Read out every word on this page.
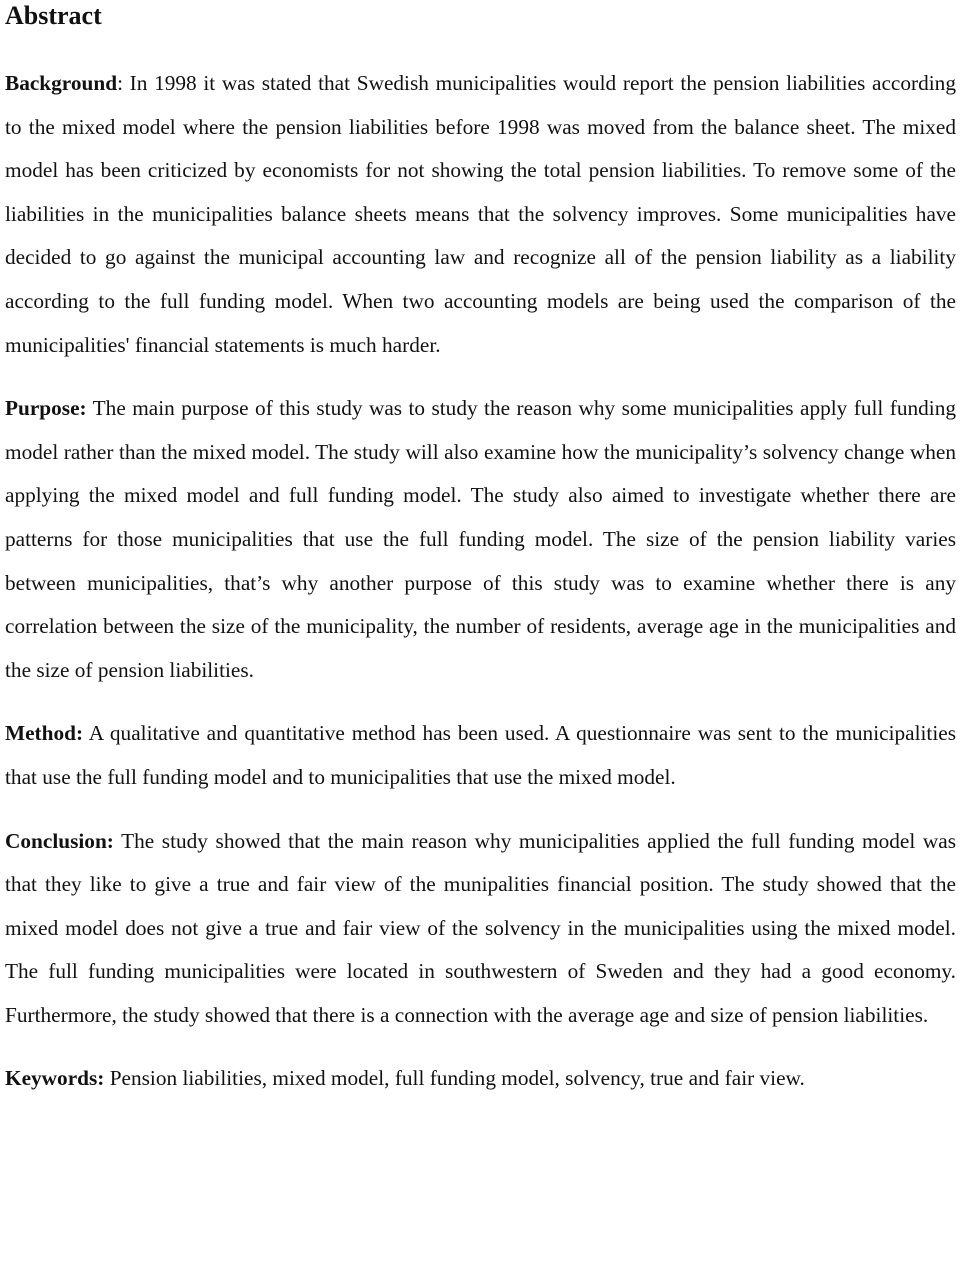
Abstract

Background: In 1998 it was stated that Swedish municipalities would report the pension liabilities according to the mixed model where the pension liabilities before 1998 was moved from the balance sheet. The mixed model has been criticized by economists for not showing the total pension liabilities. To remove some of the liabilities in the municipalities balance sheets means that the solvency improves. Some municipalities have decided to go against the municipal accounting law and recognize all of the pension liability as a liability according to the full funding model. When two accounting models are being used the comparison of the municipalities' financial statements is much harder.

Purpose: The main purpose of this study was to study the reason why some municipalities apply full funding model rather than the mixed model. The study will also examine how the municipality’s solvency change when applying the mixed model and full funding model. The study also aimed to investigate whether there are patterns for those municipalities that use the full funding model. The size of the pension liability varies between municipalities, that’s why another purpose of this study was to examine whether there is any correlation between the size of the municipality, the number of residents, average age in the municipalities and the size of pension liabilities.

Method: A qualitative and quantitative method has been used. A questionnaire was sent to the municipalities that use the full funding model and to municipalities that use the mixed model.

Conclusion: The study showed that the main reason why municipalities applied the full funding model was that they like to give a true and fair view of the munipalities financial position. The study showed that the mixed model does not give a true and fair view of the solvency in the municipalities using the mixed model. The full funding municipalities were located in southwestern of Sweden and they had a good economy. Furthermore, the study showed that there is a connection with the average age and size of pension liabilities.

Keywords: Pension liabilities, mixed model, full funding model, solvency, true and fair view.
